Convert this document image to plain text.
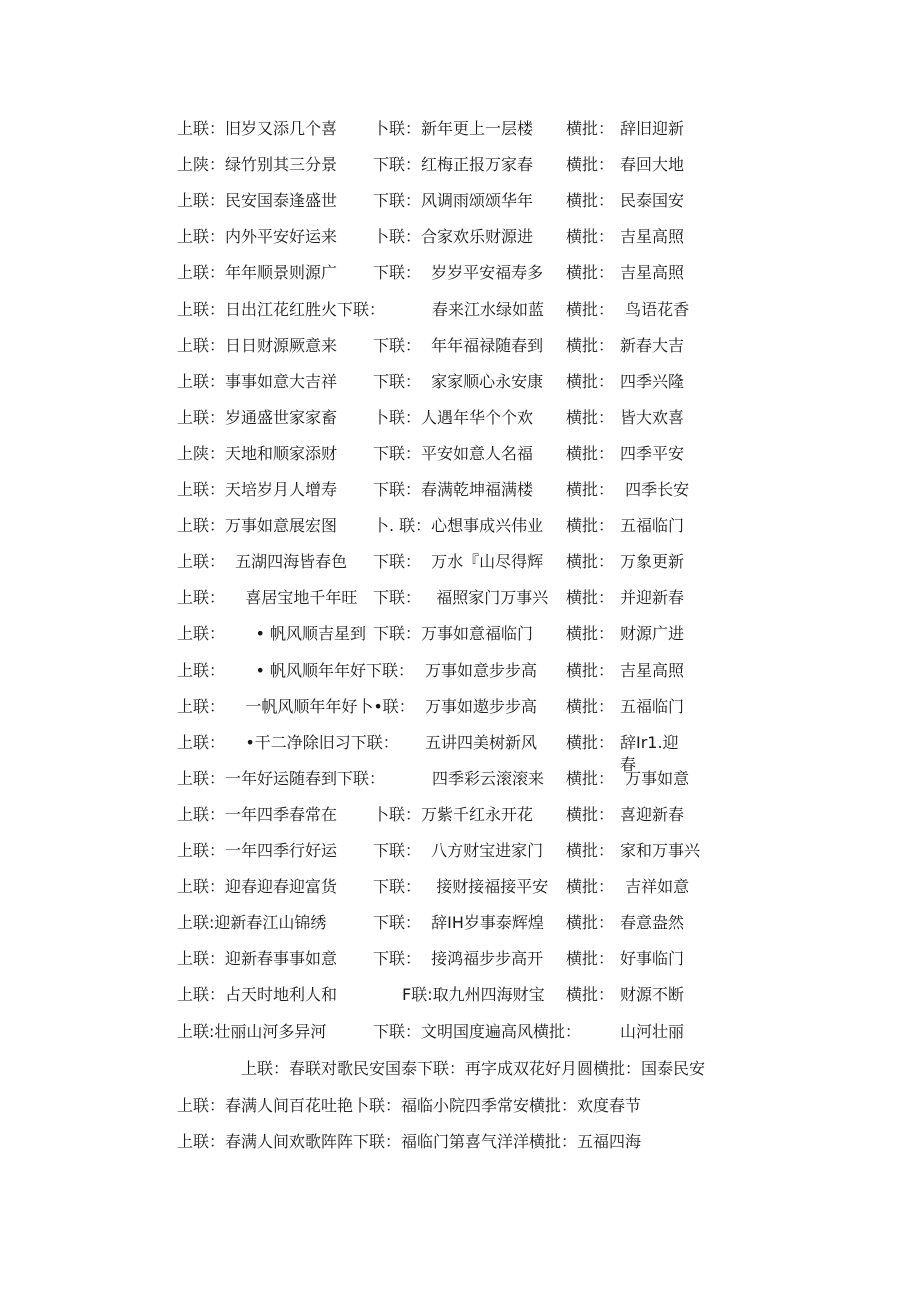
上联：旧岁又添几个喜 卜联：新年更上一层楼 横批： 辞旧迎新
上陕：绿竹别其三分景 下联：红梅正报万家春 横批： 春回大地
上联：民安国泰逢盛世 下联：风调雨颂颂华年 横批： 民泰国安
上联：内外平安好运来 卜联：合家欢乐财源进 横批： 吉星高照
上联：年年顺景则源广 下联：  岁岁平安福寿多 横批： 吉星高照
上联：日出江花红胜火下联：	春来江水绿如蓝 横批： 鸟语花香
上联：日日财源厥意来 下联：  年年福禄随春到 横批： 新春大吉
上联：事事如意大吉祥 下联：  家家顺心永安康 横批： 四季兴隆
上联：岁通盛世家家畜 卜联：人遇年华个个欢 横批： 皆大欢喜
上陕：天地和顺家添财 下联：平安如意人名福 横批： 四季平安
上联：天培岁月人增寿 下联：春满乾坤福满楼 横批： 四季长安
上联：万事如意展宏图 卜. 联：心想事成兴伟业 横批： 五福临门
上联：  五湖四海皆春色 下联：  万水『山尽得辉 横批： 万象更新
上联：    喜居宝地千年旺 下联：   福照家门万事兴 横批： 并迎新春
上联：      • 帆风顺吉星到 下联：万事如意福临门 横批： 财源广进
上联：      • 帆风顺年年好下联： 万事如意步步高 横批： 吉星高照
上联：    一帆风顺年年好卜•联： 万事如遨步步高 横批： 五福临门
上联：    •干二净除旧习下联： 五讲四美树新风 横批： 辞Ir1.迎
上联：一年好运随春到下联：	四季彩云滚滚来 横批： 万事如意
上联：一年四季春常在 卜联：万紫千红永开花 横批： 喜迎新春
上联：一年四季行好运 下联：  八方财宝进家门 横批： 家和万事兴
上联：迎春迎春迎富货 下联：   接财接福接平安 横批： 吉祥如意
上联:迎新春江山锦绣	下联：  辞IH岁事泰辉煌 横批： 春意盎然
上联：迎新春事事如意 下联：  接鸿福步步高开 横批： 好事临门
上联：占天时地利人和	F联:取九州四海财宝 横批： 财源不断
上联:壮丽山河多异河	下联：文明国度遍高风横批： 山河壮丽
春
上联：春联对歌民安国泰下联：再字成双花好月圆横批：国泰民安
上联：春满人间百花吐艳卜联：福临小院四季常安横批：欢度春节
上联：春满人间欢歌阵阵下联：福临门第喜气洋洋横批：五福四海
